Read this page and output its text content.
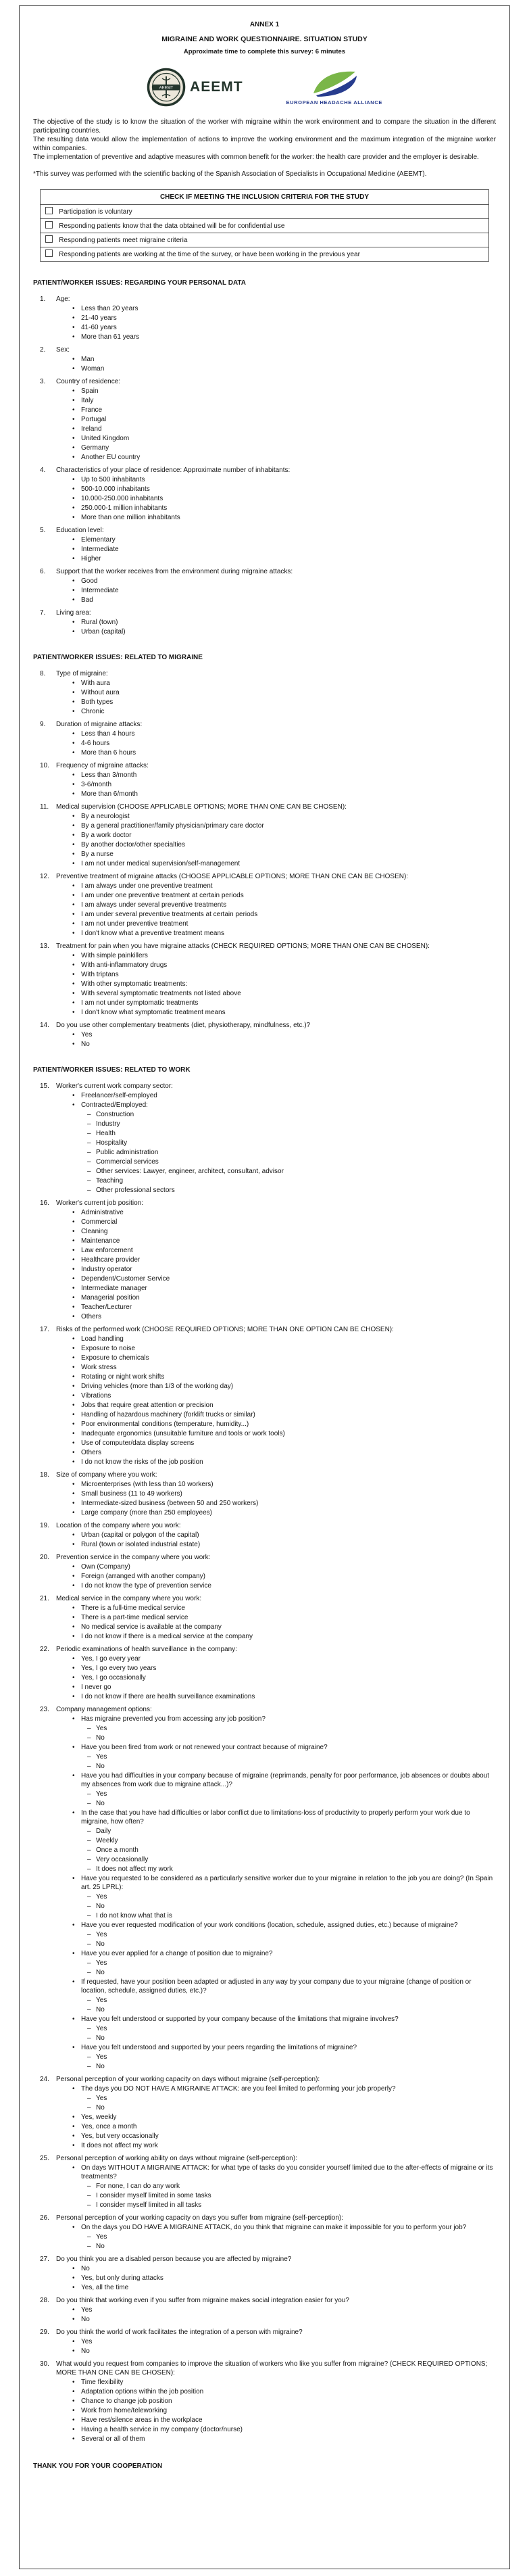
ANNEX 1
MIGRAINE AND WORK QUESTIONNAIRE. SITUATION STUDY
Approximate time to complete this survey: 6 minutes
AEEMT AEEMT
EUROPEAN HEADACHE ALLIANCE

The objective of the study is to know the situation of the worker with migraine within the work environment and to compare the situation in the different participating countries.

The resulting data would allow the implementation of actions to improve the working environment and the maximum integration of the migraine worker within companies.

The implementation of preventive and adaptive measures with common benefit for the worker: the health care provider and the employer is desirable.

*This survey was performed with the scientific backing of the Spanish Association of Specialists in Occupational Medicine (AEEMT).
CHECK IF MEETING THE INCLUSION CRITERIA FOR THE STUDY
Participation is voluntary
Responding patients know that the data obtained will be for confidential use
Responding patients meet migraine criteria
Responding patients are working at the time of the survey, or have been working in the previous year
PATIENT/WORKER ISSUES: REGARDING YOUR PERSONAL DATA
1.	Age:
• Less than 20 years
• 21-40 years
• 41-60 years
• More than 61 years
2.	Sex:
• Man
• Woman
3.	Country of residence:
• Spain
• Italy
• France
• Portugal
• Ireland
• United Kingdom
• Germany
• Another EU country
4.	Characteristics of your place of residence: Approximate number of inhabitants:
• Up to 500 inhabitants
• 500-10.000 inhabitants
• 10.000-250.000 inhabitants
• 250.000-1 million inhabitants
• More than one million inhabitants
5.	Education level:
• Elementary
• Intermediate
• Higher
6.	Support that the worker receives from the environment during migraine attacks:
• Good
• Intermediate
• Bad
7.	Living area:
• Rural (town)
• Urban (capital)
PATIENT/WORKER ISSUES: RELATED TO MIGRAINE
8.	Type of migraine:
• With aura
• Without aura
• Both types
• Chronic
9.	Duration of migraine attacks:
• Less than 4 hours
• 4-6 hours
• More than 6 hours
10.	Frequency of migraine attacks:
• Less than 3/month
• 3-6/month
• More than 6/month
11.	Medical supervision (CHOOSE APPLICABLE OPTIONS; MORE THAN ONE CAN BE CHOSEN):
• By a neurologist
• By a general practitioner/family physician/primary care doctor
• By a work doctor
• By another doctor/other specialties
• By a nurse
• I am not under medical supervision/self-management
12.	Preventive treatment of migraine attacks (CHOOSE APPLICABLE OPTIONS; MORE THAN ONE CAN BE CHOSEN):
• I am always under one preventive treatment
• I am under one preventive treatment at certain periods
• I am always under several preventive treatments
• I am under several preventive treatments at certain periods
• I am not under preventive treatment
• I don't know what a preventive treatment means
13.	Treatment for pain when you have migraine attacks (CHECK REQUIRED OPTIONS; MORE THAN ONE CAN BE CHOSEN):
• With simple painkillers
• With anti-inflammatory drugs
• With triptans
• With other symptomatic treatments:
• With several symptomatic treatments not listed above
• I am not under symptomatic treatments
• I don't know what symptomatic treatment means
14.	Do you use other complementary treatments (diet, physiotherapy, mindfulness, etc.)?
• Yes
• No
PATIENT/WORKER ISSUES: RELATED TO WORK
15.	Worker's current work company sector:
• Freelancer/self-employed
• Contracted/Employed:
– Construction
– Industry
– Health
– Hospitality
– Public administration
– Commercial services
– Other services: Lawyer, engineer, architect, consultant, advisor
– Teaching
– Other professional sectors
16.	Worker's current job position:
• Administrative
• Commercial
• Cleaning
• Maintenance
• Law enforcement
• Healthcare provider
• Industry operator
• Dependent/Customer Service
• Intermediate manager
• Managerial position
• Teacher/Lecturer
• Others
17.	Risks of the performed work (CHOOSE REQUIRED OPTIONS; MORE THAN ONE OPTION CAN BE CHOSEN):
• Load handling
• Exposure to noise
• Exposure to chemicals
• Work stress
• Rotating or night work shifts
• Driving vehicles (more than 1/3 of the working day)
• Vibrations
• Jobs that require great attention or precision
• Handling of hazardous machinery (forklift trucks or similar)
• Poor environmental conditions (temperature, humidity...)
• Inadequate ergonomics (unsuitable furniture and tools or work tools)
• Use of computer/data display screens
• Others
• I do not know the risks of the job position
18.	Size of company where you work:
• Microenterprises (with less than 10 workers)
• Small business (11 to 49 workers)
• Intermediate-sized business (between 50 and 250 workers)
• Large company (more than 250 employees)
19.	Location of the company where you work:
• Urban (capital or polygon of the capital)
• Rural (town or isolated industrial estate)
20.	Prevention service in the company where you work:
• Own (Company)
• Foreign (arranged with another company)
• I do not know the type of prevention service
21.	Medical service in the company where you work:
• There is a full-time medical service
• There is a part-time medical service
• No medical service is available at the company
• I do not know if there is a medical service at the company
22.	Periodic examinations of health surveillance in the company:
• Yes, I go every year
• Yes, I go every two years
• Yes, I go occasionally
• I never go
• I do not know if there are health surveillance examinations
23.	Company management options:
• Has migraine prevented you from accessing any job position?
– Yes
– No
• Have you been fired from work or not renewed your contract because of migraine?
– Yes
– No
• Have you had difficulties in your company because of migraine (reprimands, penalty for poor performance, job absences or doubts about my absences from work due to migraine attack...)?
– Yes
– No
• In the case that you have had difficulties or labor conflict due to limitations-loss of productivity to properly perform your work due to migraine, how often?
– Daily
– Weekly
– Once a month
– Very occasionally
– It does not affect my work
• Have you requested to be considered as a particularly sensitive worker due to your migraine in relation to the job you are doing? (In Spain art. 25 LPRL):
– Yes
– No
– I do not know what that is
• Have you ever requested modification of your work conditions (location, schedule, assigned duties, etc.) because of migraine?
– Yes
– No
• Have you ever applied for a change of position due to migraine?
– Yes
– No
• If requested, have your position been adapted or adjusted in any way by your company due to your migraine (change of position or location, schedule, assigned duties, etc.)?
– Yes
– No
• Have you felt understood or supported by your company because of the limitations that migraine involves?
– Yes
– No
• Have you felt understood and supported by your peers regarding the limitations of migraine?
– Yes
– No
24.	Personal perception of your working capacity on days without migraine (self-perception):
• The days you DO NOT HAVE A MIGRAINE ATTACK: are you feel limited to performing your job properly?
– Yes
– No
• Yes, weekly
• Yes, once a month
• Yes, but very occasionally
• It does not affect my work
25.	Personal perception of working ability on days without migraine (self-perception):
• On days WITHOUT A MIGRAINE ATTACK: for what type of tasks do you consider yourself limited due to the after-effects of migraine or its treatments?
– For none, I can do any work
– I consider myself limited in some tasks
– I consider myself limited in all tasks
26.	Personal perception of your working capacity on days you suffer from migraine (self-perception):
• On the days you DO HAVE A MIGRAINE ATTACK, do you think that migraine can make it impossible for you to perform your job?
– Yes
– No
27.	Do you think you are a disabled person because you are affected by migraine?
• No
• Yes, but only during attacks
• Yes, all the time
28.	Do you think that working even if you suffer from migraine makes social integration easier for you?
• Yes
• No
29.	Do you think the world of work facilitates the integration of a person with migraine?
• Yes
• No
30.	What would you request from companies to improve the situation of workers who like you suffer from migraine? (CHECK REQUIRED OPTIONS; MORE THAN ONE CAN BE CHOSEN):
• Time flexibility
• Adaptation options within the job position
• Chance to change job position
• Work from home/teleworking
• Have rest/silence areas in the workplace
• Having a health service in my company (doctor/nurse)
• Several or all of them
THANK YOU FOR YOUR COOPERATION
